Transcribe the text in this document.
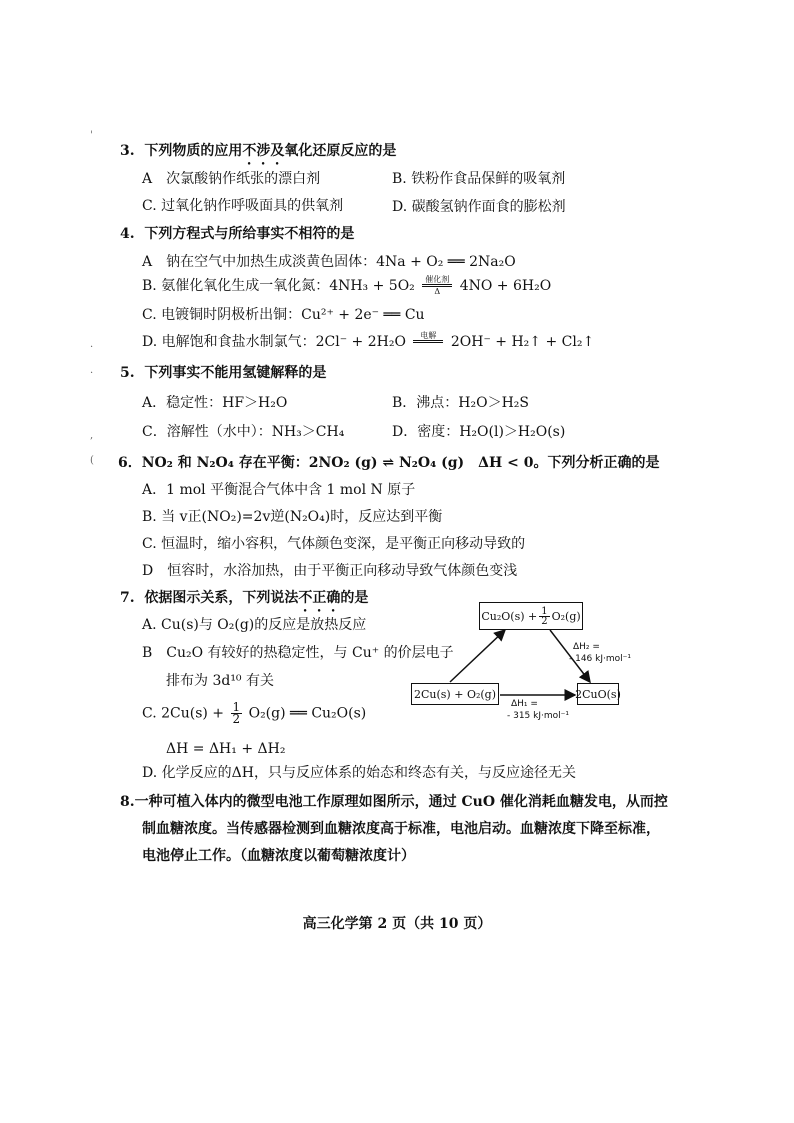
3. 下列物质的应用不涉及氧化还原反应的是
A　次氯酸钠作纸张的漂白剂	B. 铁粉作食品保鲜的吸氧剂
C. 过氧化钠作呼吸面具的供氧剂	D. 碳酸氢钠作面食的膨松剂
4. 下列方程式与所给事实不相符的是
A　钠在空气中加热生成淡黄色固体：4Na + O₂ ══ 2Na₂O
B. 氨催化氧化生成一氧化氮：4NH₃ + 5O₂	催化剂
Δ	4NO + 6H₂O
C. 电镀铜时阴极析出铜：Cu²⁺ + 2e⁻ ══ Cu
D. 电解饱和食盐水制氯气：2Cl⁻ + 2H₂O	电解
	2OH⁻ + H₂↑ + Cl₂↑
5. 下列事实不能用氢键解释的是
A．稳定性：HF＞H₂O	B．沸点：H₂O＞H₂S
C．溶解性（水中）：NH₃＞CH₄	D．密度：H₂O(l)＞H₂O(s)
6．NO₂ 和 N₂O₄ 存在平衡：2NO₂ (g) ⇌ N₂O₄ (g)　ΔH < 0。下列分析正确的是
A．1 mol 平衡混合气体中含 1 mol N 原子
B. 当 v正(NO₂)=2v逆(N₂O₄)时，反应达到平衡
C. 恒温时，缩小容积，气体颜色变深，是平衡正向移动导致的
D　恒容时，水浴加热，由于平衡正向移动导致气体颜色变浅
7. 依据图示关系，下列说法不正确的是
A. Cu(s)与 O₂(g)的反应是放热反应
B　Cu₂O 有较好的热稳定性，与 Cu⁺ 的价层电子
排布为 3d¹⁰ 有关
C. $2Cu(s) + \frac{1}{2} O_2(g)$ ══ Cu₂O(s)
ΔH = ΔH₁ + ΔH₂
D. 化学反应的ΔH，只与反应体系的始态和终态有关，与反应途径无关
$Cu_2O(s) + \frac{1}{2} O_2(g)$
2Cu(s) + O₂(g)	2CuO(s)
ΔH₂ =
- 146 kJ·mol⁻¹
ΔH₁ =
- 315 kJ·mol⁻¹
8.一种可植入体内的微型电池工作原理如图所示，通过 CuO 催化消耗血糖发电，从而控
制血糖浓度。当传感器检测到血糖浓度高于标准，电池启动。血糖浓度下降至标准，
电池停止工作。（血糖浓度以葡萄糖浓度计）
高三化学第 2 页（共 10 页）
'
·
·
,
(
